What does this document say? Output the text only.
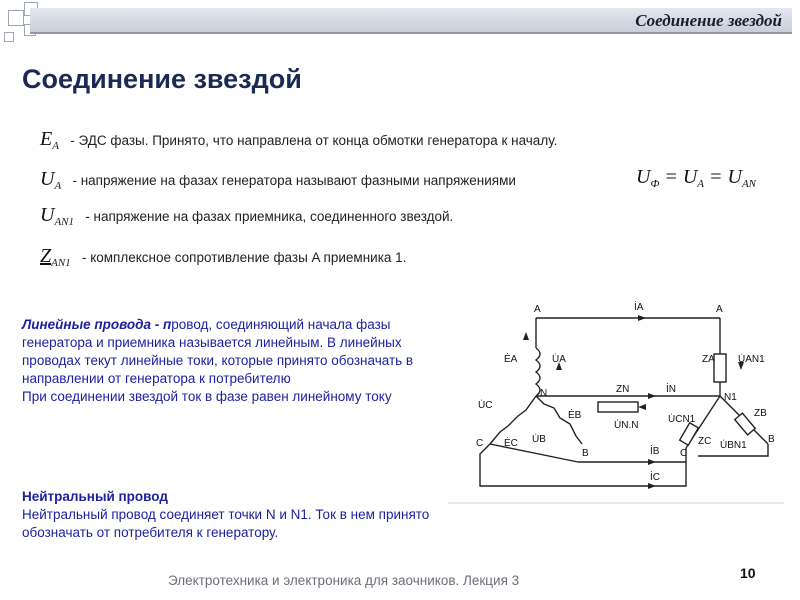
Соединение звездой
Соединение звездой
$E_A$ - ЭДС фазы. Принято, что направлена от конца обмотки генератора к началу.
$U_A$ - напряжение на фазах генератора называют фазными напряжениями
$U_{AN1}$ - напряжение на фазах приемника, соединенного звездой.
$Z_{AN1}$ - комплексное сопротивление фазы A приемника 1.
$U_Ф = U_A = U_{AN}$
Линейные провода - провод, соединяющий начала фазы генератора и приемника называется линейным. В линейных проводах текут линейные токи, которые принято обозначать в направлении от генератора к потребителю
При соединении звездой ток в фазе равен линейному току
Нейтральный провод
Нейтральный провод соединяет точки N и N1. Ток в нем принято обозначать от потребителя к генератору.
A	A
İA
ĖA	U̇A	ZA U̇AN1
N	N1
ZN	İN
U̇N.N
U̇C
ĖB
ĖC U̇B
C
B
U̇CN1
ZC U̇BN1
ZB
C
B
İB
İC
Электротехника и электроника для заочников. Лекция 3	10
